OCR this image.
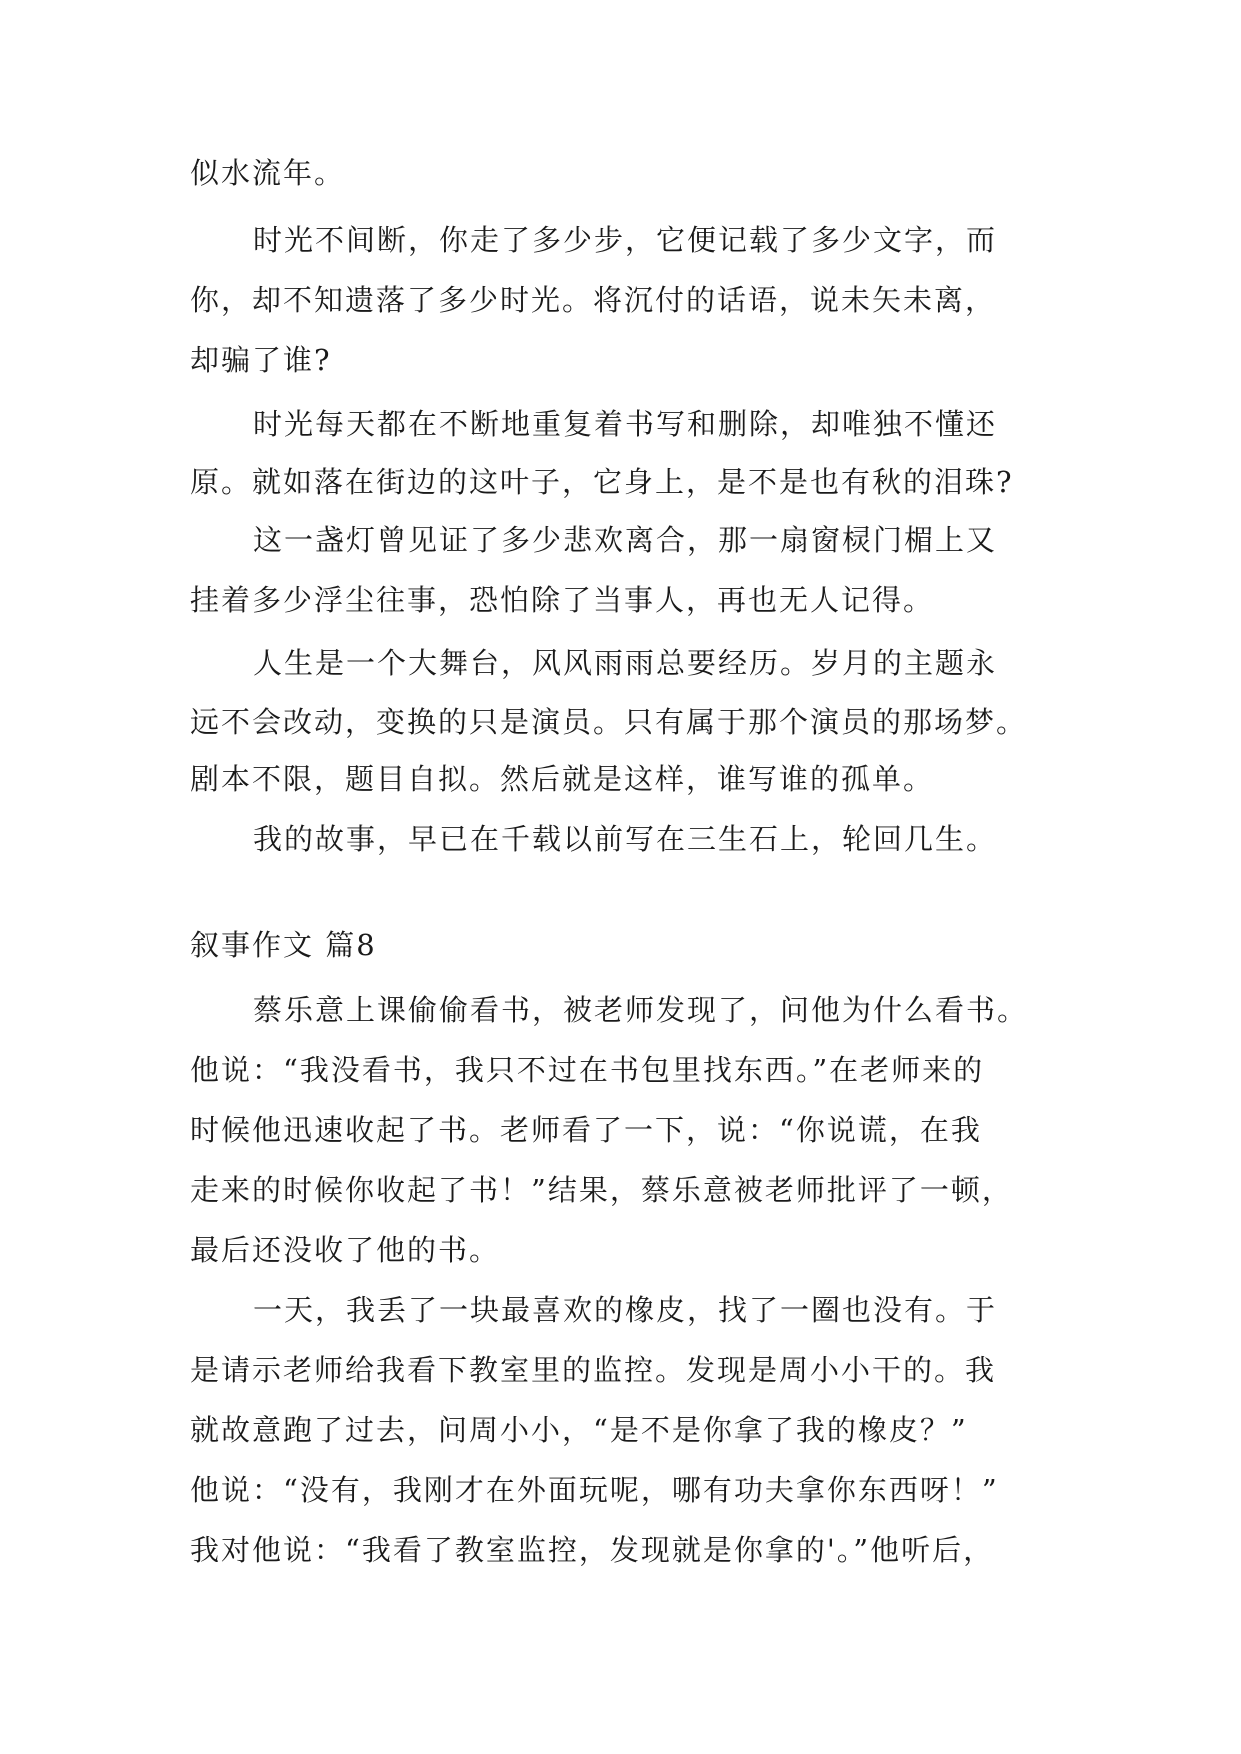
似水流年。
时光不间断，你走了多少步，它便记载了多少文字，而
你，却不知遗落了多少时光。将沉付的话语，说未矢未离，
却骗了谁?
时光每天都在不断地重复着书写和删除，却唯独不懂还
原。就如落在街边的这叶子，它身上，是不是也有秋的泪珠?
这一盏灯曾见证了多少悲欢离合，那一扇窗棂门楣上又
挂着多少浮尘往事，恐怕除了当事人，再也无人记得。
人生是一个大舞台，风风雨雨总要经历。岁月的主题永
远不会改动，变换的只是演员。只有属于那个演员的那场梦。
剧本不限，题目自拟。然后就是这样，谁写谁的孤单。
我的故事，早已在千载以前写在三生石上，轮回几生。
叙事作文 篇8
蔡乐意上课偷偷看书，被老师发现了，问他为什么看书。
他说：“我没看书，我只不过在书包里找东西。”在老师来的
时候他迅速收起了书。老师看了一下，说：“你说谎，在我
走来的时候你收起了书！”结果，蔡乐意被老师批评了一顿，
最后还没收了他的书。
一天，我丢了一块最喜欢的橡皮，找了一圈也没有。于
是请示老师给我看下教室里的监控。发现是周小小干的。我
就故意跑了过去，问周小小，“是不是你拿了我的橡皮？”
他说：“没有，我刚才在外面玩呢，哪有功夫拿你东西呀！”
我对他说：“我看了教室监控，发现就是你拿的'。”他听后，
